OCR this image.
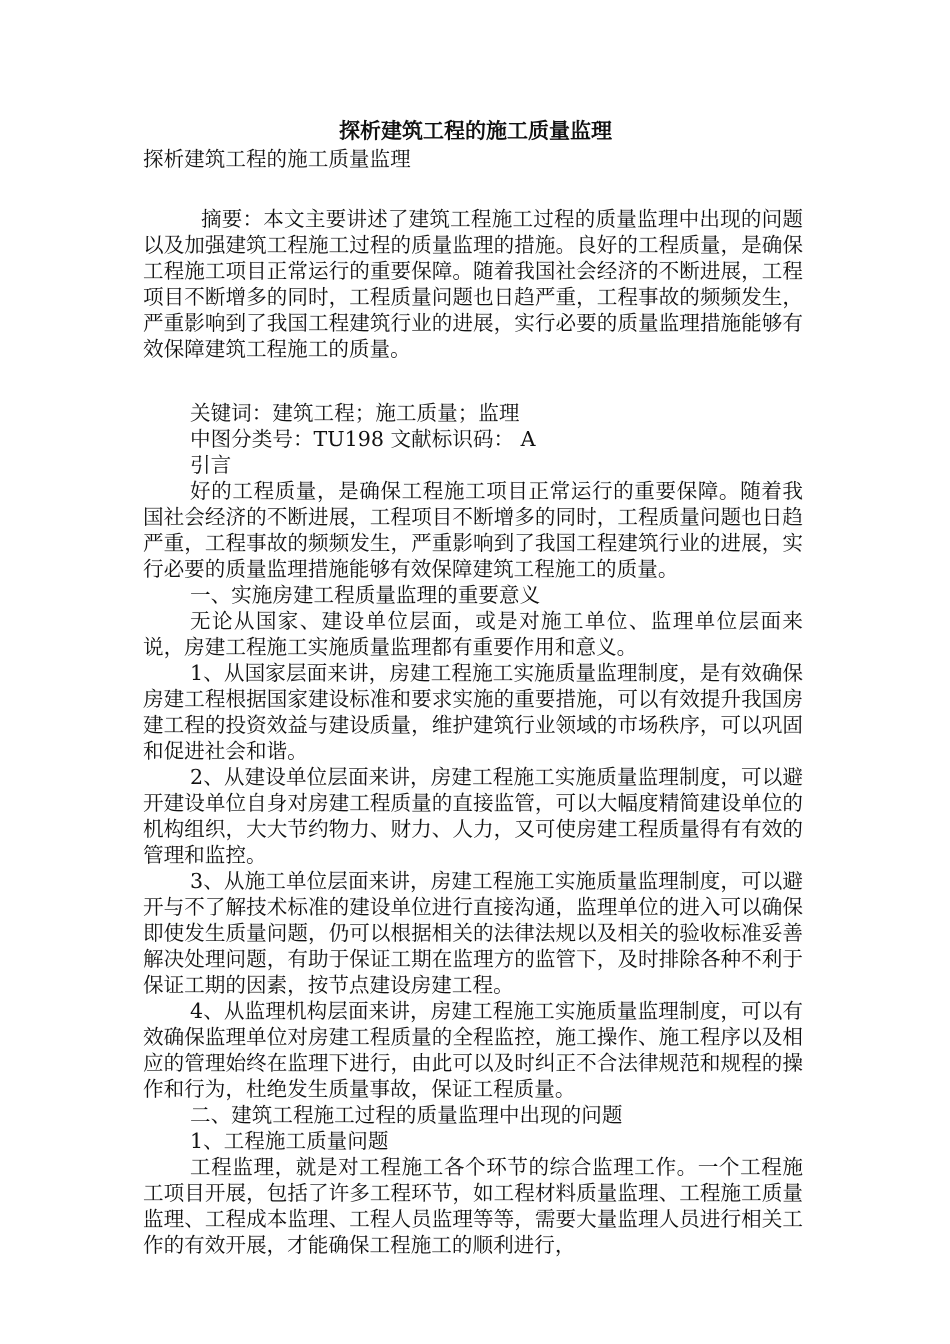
探析建筑工程的施工质量监理

探析建筑工程的施工质量监理

摘要：本文主要讲述了建筑工程施工过程的质量监理中出现的问题以及加强建筑工程施工过程的质量监理的措施。良好的工程质量，是确保工程施工项目正常运行的重要保障。随着我国社会经济的不断进展，工程项目不断增多的同时，工程质量问题也日趋严重，工程事故的频频发生，严重影响到了我国工程建筑行业的进展，实行必要的质量监理措施能够有效保障建筑工程施工的质量。

关键词：建筑工程；施工质量；监理

中图分类号：TU198 文献标识码： A

引言

好的工程质量，是确保工程施工项目正常运行的重要保障。随着我国社会经济的不断进展，工程项目不断增多的同时，工程质量问题也日趋严重，工程事故的频频发生，严重影响到了我国工程建筑行业的进展，实行必要的质量监理措施能够有效保障建筑工程施工的质量。

一、实施房建工程质量监理的重要意义

无论从国家、建设单位层面，或是对施工单位、监理单位层面来说，房建工程施工实施质量监理都有重要作用和意义。

1、从国家层面来讲，房建工程施工实施质量监理制度，是有效确保房建工程根据国家建设标准和要求实施的重要措施，可以有效提升我国房建工程的投资效益与建设质量，维护建筑行业领域的市场秩序，可以巩固和促进社会和谐。

2、从建设单位层面来讲，房建工程施工实施质量监理制度，可以避开建设单位自身对房建工程质量的直接监管，可以大幅度精简建设单位的机构组织，大大节约物力、财力、人力，又可使房建工程质量得有有效的管理和监控。

3、从施工单位层面来讲，房建工程施工实施质量监理制度，可以避开与不了解技术标准的建设单位进行直接沟通，监理单位的进入可以确保即使发生质量问题，仍可以根据相关的法律法规以及相关的验收标准妥善解决处理问题，有助于保证工期在监理方的监管下，及时排除各种不利于保证工期的因素，按节点建设房建工程。

4、从监理机构层面来讲，房建工程施工实施质量监理制度，可以有效确保监理单位对房建工程质量的全程监控，施工操作、施工程序以及相应的管理始终在监理下进行，由此可以及时纠正不合法律规范和规程的操作和行为，杜绝发生质量事故，保证工程质量。

二、建筑工程施工过程的质量监理中出现的问题

1、工程施工质量问题

工程监理，就是对工程施工各个环节的综合监理工作。一个工程施工项目开展，包括了许多工程环节，如工程材料质量监理、工程施工质量监理、工程成本监理、工程人员监理等等，需要大量监理人员进行相关工作的有效开展，才能确保工程施工的顺利进行，
